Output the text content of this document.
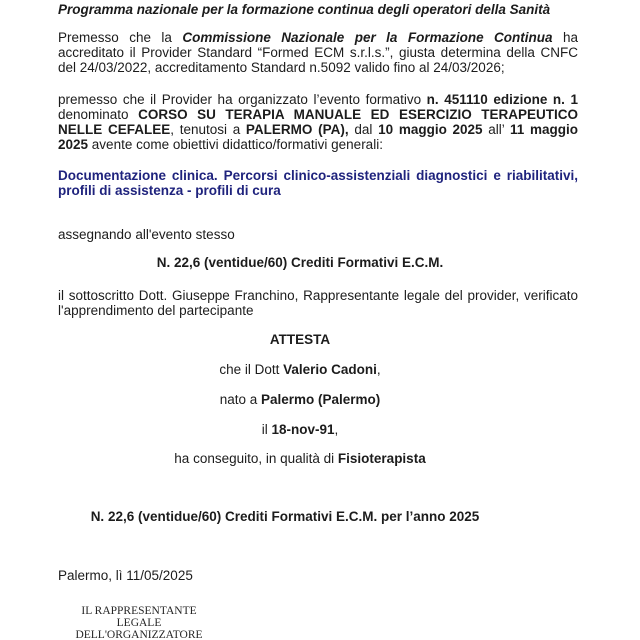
Programma nazionale per la formazione continua degli operatori della Sanità

Premesso che la Commissione Nazionale per la Formazione Continua ha accreditato il Provider Standard “Formed ECM s.r.l.s.”, giusta determina della CNFC del 24/03/2022, accreditamento Standard n.5092 valido fino al 24/03/2026;

premesso che il Provider ha organizzato l’evento formativo n. 451110 edizione n. 1 denominato CORSO SU TERAPIA MANUALE ED ESERCIZIO TERAPEUTICO NELLE CEFALEE, tenutosi a PALERMO (PA), dal 10 maggio 2025 all’ 11 maggio 2025 avente come obiettivi didattico/formativi generali:

Documentazione clinica. Percorsi clinico-assistenziali diagnostici e riabilitativi, profili di assistenza - profili di cura

assegnando all'evento stesso

N. 22,6 (ventidue/60) Crediti Formativi E.C.M.

il sottoscritto Dott. Giuseppe Franchino, Rappresentante legale del provider, verificato l'apprendimento del partecipante

ATTESTA

che il Dott Valerio Cadoni,

nato a Palermo (Palermo)

il 18-nov-91,

ha conseguito, in qualità di Fisioterapista

N. 22,6 (ventidue/60) Crediti Formativi E.C.M. per l’anno 2025

Palermo, lì 11/05/2025

IL RAPPRESENTANTE LEGALE
DELL'ORGANIZZATORE
